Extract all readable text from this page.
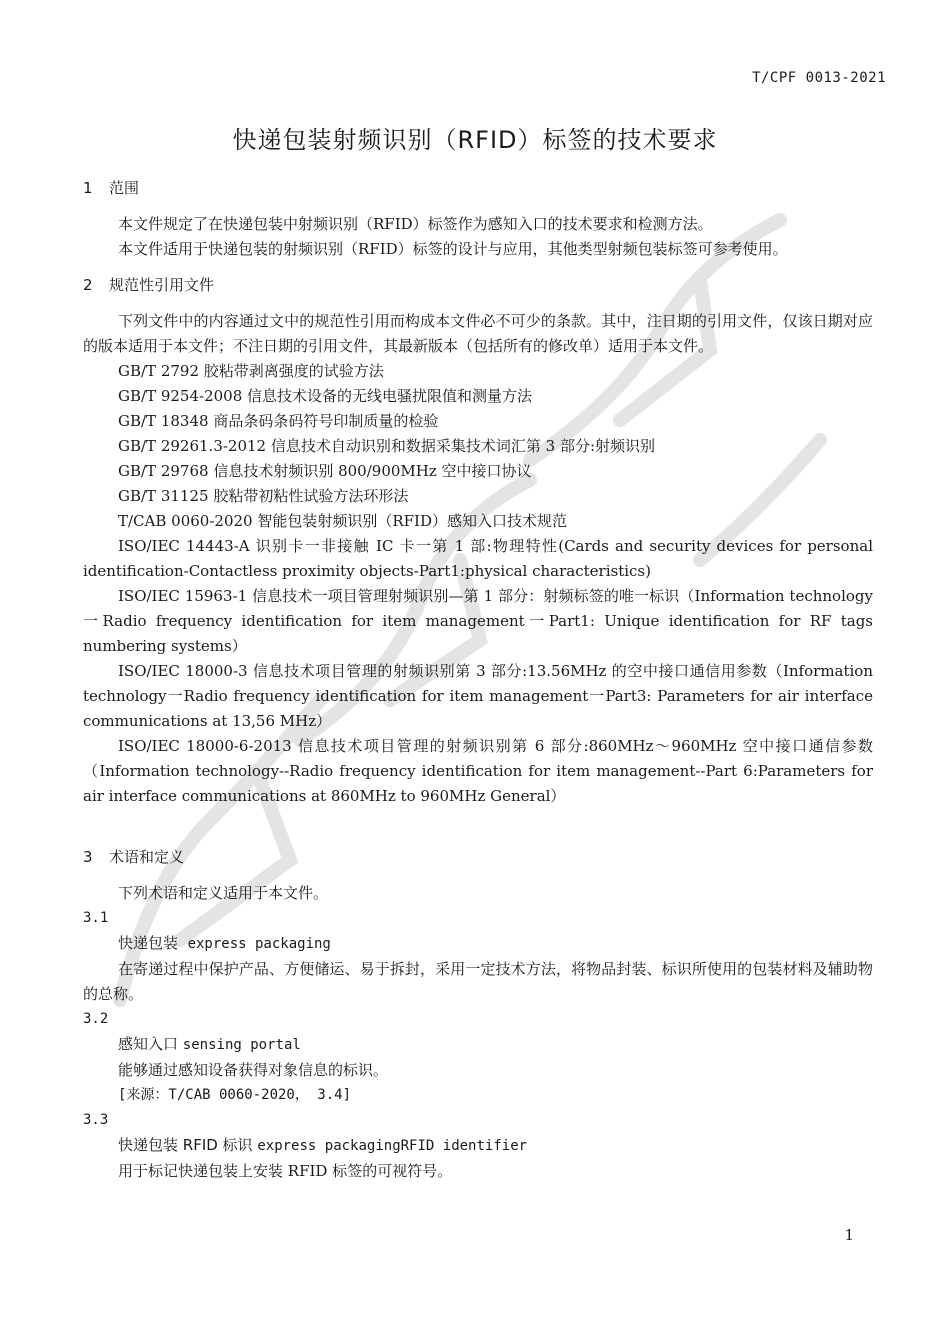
T/CPF 0013-2021
快递包装射频识别（RFID）标签的技术要求

1 范围

本文件规定了在快递包装中射频识别（RFID）标签作为感知入口的技术要求和检测方法。

本文件适用于快递包装的射频识别（RFID）标签的设计与应用，其他类型射频包装标签可参考使用。

2 规范性引用文件

下列文件中的内容通过文中的规范性引用而构成本文件必不可少的条款。其中，注日期的引用文件，仅该日期对应的版本适用于本文件；不注日期的引用文件，其最新版本（包括所有的修改单）适用于本文件。

GB/T 2792 胶粘带剥离强度的试验方法

GB/T 9254-2008 信息技术设备的无线电骚扰限值和测量方法

GB/T 18348 商品条码条码符号印制质量的检验

GB/T 29261.3-2012 信息技术自动识别和数据采集技术词汇第 3 部分:射频识别

GB/T 29768 信息技术射频识别 800/900MHz 空中接口协议

GB/T 31125 胶粘带初粘性试验方法环形法

T/CAB 0060-2020 智能包装射频识别（RFID）感知入口技术规范

ISO/IEC 14443-A 识别卡一非接触 IC 卡一第 1 部:物理特性(Cards and security devices for personal identification-Contactless proximity objects-Part1:physical characteristics)

ISO/IEC 15963-1 信息技术一项目管理射频识别—第 1 部分：射频标签的唯一标识（Information technology一Radio frequency identification for item management一Part1: Unique identification for RF tags numbering systems）

ISO/IEC 18000-3 信息技术项目管理的射频识别第 3 部分:13.56MHz 的空中接口通信用参数（Information technology一Radio frequency identification for item management一Part3: Parameters for air interface communications at 13,56 MHz）

ISO/IEC 18000-6-2013 信息技术项目管理的射频识别第 6 部分:860MHz～960MHz 空中接口通信参数（Information technology--Radio frequency identification for item management--Part 6:Parameters for air interface communications at 860MHz to 960MHz General）

3 术语和定义

下列术语和定义适用于本文件。

3.1

快递包装 express packaging

在寄递过程中保护产品、方便储运、易于拆封，采用一定技术方法，将物品封装、标识所使用的包装材料及辅助物的总称。

3.2

感知入口 sensing portal

能够通过感知设备获得对象信息的标识。

[来源：T/CAB 0060-2020， 3.4]

3.3

快递包装 RFID 标识 express packagingRFID identifier

用于标记快递包装上安装 RFID 标签的可视符号。

1
